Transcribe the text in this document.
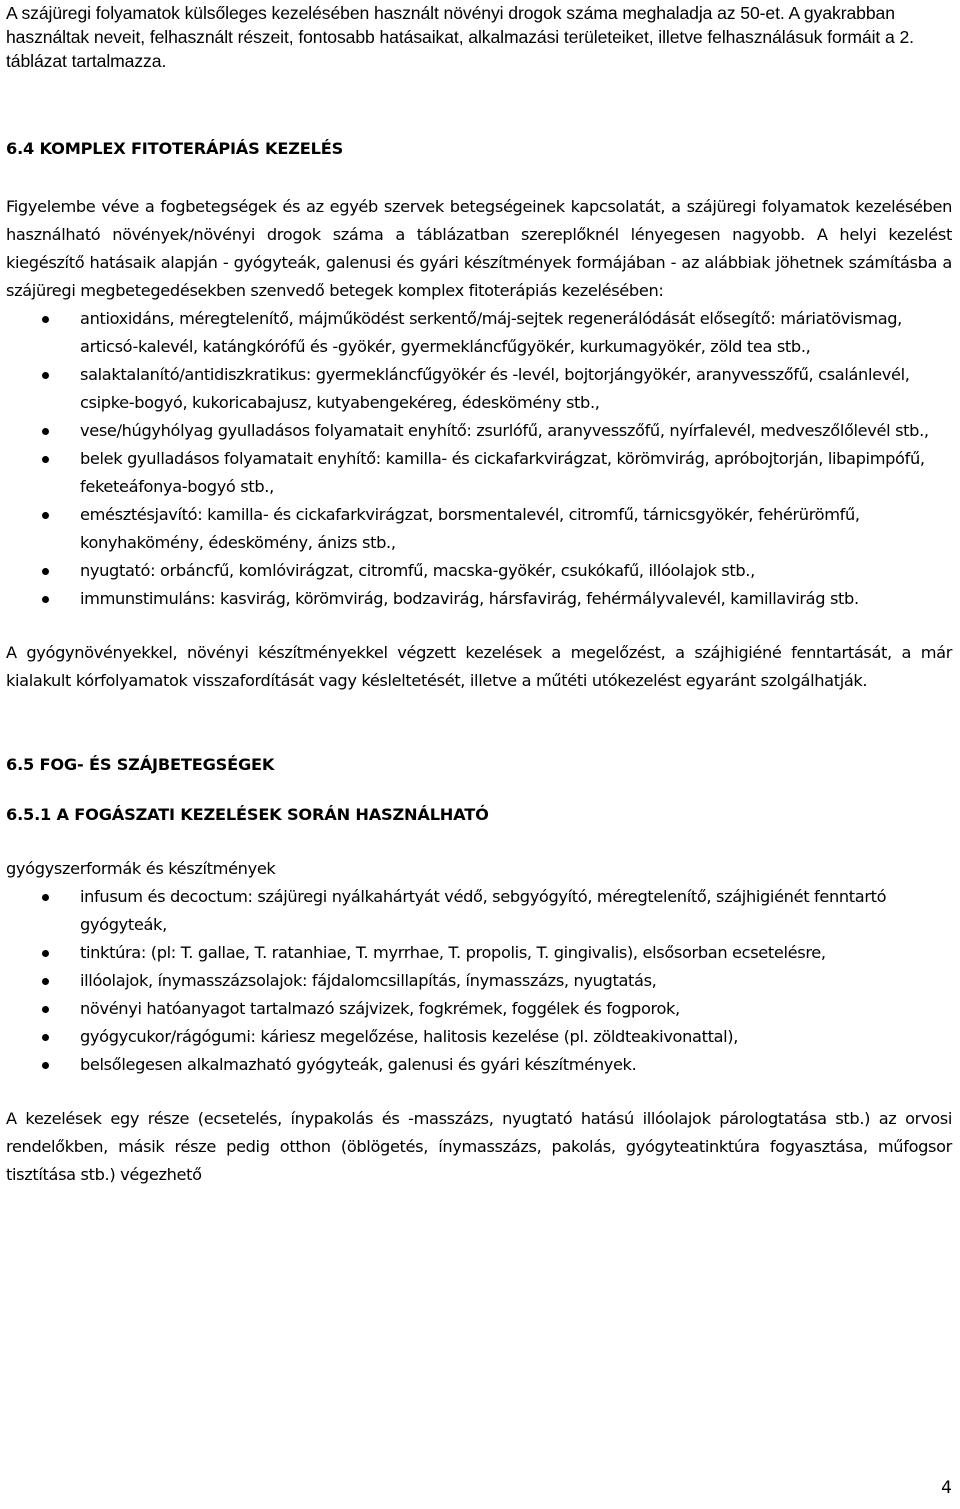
A szájüregi folyamatok külsőleges kezelésében használt növényi drogok száma meghaladja az 50-et. A gyakrabban használtak neveit, felhasznált részeit, fontosabb hatásaikat, alkalmazási területeiket, illetve felhasználásuk formáit a 2. táblázat tartalmazza.

6.4 KOMPLEX FITOTERÁPIÁS KEZELÉS

Figyelembe véve a fogbetegségek és az egyéb szervek betegségeinek kapcsolatát, a szájüregi folyamatok kezelésében használható növények/növényi drogok száma a táblázatban szereplőknél lényegesen nagyobb. A helyi kezelést kiegészítő hatásaik alapján - gyógyteák, galenusi és gyári készítmények formájában - az alábbiak jöhetnek számításba a szájüregi megbetegedésekben szenvedő betegek komplex fitoterápiás kezelésében:

antioxidáns, méregtelenítő, májműködést serkentő/máj-sejtek regenerálódását elősegítő: máriatövismag, articsó-kalevél, katángkórófű és -gyökér, gyermekláncfűgyökér, kurkumagyökér, zöld tea stb.,
salaktalanító/antidiszkratikus: gyermekláncfűgyökér és -levél, bojtorjángyökér, aranyvesszőfű, csalánlevél, csipke-bogyó, kukoricabajusz, kutyabengekéreg, édeskömény stb.,
vese/húgyhólyag gyulladásos folyamatait enyhítő: zsurlófű, aranyvesszőfű, nyírfalevél, medveszőlőlevél stb.,
belek gyulladásos folyamatait enyhítő: kamilla- és cickafarkvirágzat, körömvirág, apróbojtorján, libapimpófű, feketeáfonya-bogyó stb.,
emésztésjavító: kamilla- és cickafarkvirágzat, borsmentalevél, citromfű, tárnicsgyökér, fehérürömfű, konyhakömény, édeskömény, ánizs stb.,
nyugtató: orbáncfű, komlóvirágzat, citromfű, macska-gyökér, csukókafű, illóolajok stb.,
immunstimuláns: kasvirág, körömvirág, bodzavirág, hársfavirág, fehérmályvalevél, kamillavirág stb.

A gyógynövényekkel, növényi készítményekkel végzett kezelések a megelőzést, a szájhigiéné fenntartását, a már kialakult kórfolyamatok visszafordítását vagy késleltetését, illetve a műtéti utókezelést egyaránt szolgálhatják.

6.5 FOG- ÉS SZÁJBETEGSÉGEK
6.5.1 A FOGÁSZATI KEZELÉSEK SORÁN HASZNÁLHATÓ

gyógyszerformák és készítmények

infusum és decoctum: szájüregi nyálkahártyát védő, sebgyógyító, méregtelenítő, szájhigiénét fenntartó gyógyteák,
tinktúra: (pl: T. gallae, T. ratanhiae, T. myrrhae, T. propolis, T. gingivalis), elsősorban ecsetelésre,
illóolajok, ínymasszázsolajok: fájdalomcsillapítás, ínymasszázs, nyugtatás,
növényi hatóanyagot tartalmazó szájvizek, fogkrémek, foggélek és fogporok,
gyógycukor/rágógumi: káriesz megelőzése, halitosis kezelése (pl. zöldteakivonattal),
belsőlegesen alkalmazható gyógyteák, galenusi és gyári készítmények.

A kezelések egy része (ecsetelés, ínypakolás és -masszázs, nyugtató hatású illóolajok párologtatása stb.) az orvosi rendelőkben, másik része pedig otthon (öblögetés, ínymasszázs, pakolás, gyógyteatinktúra fogyasztása, műfogsor tisztítása stb.) végezhető

4
